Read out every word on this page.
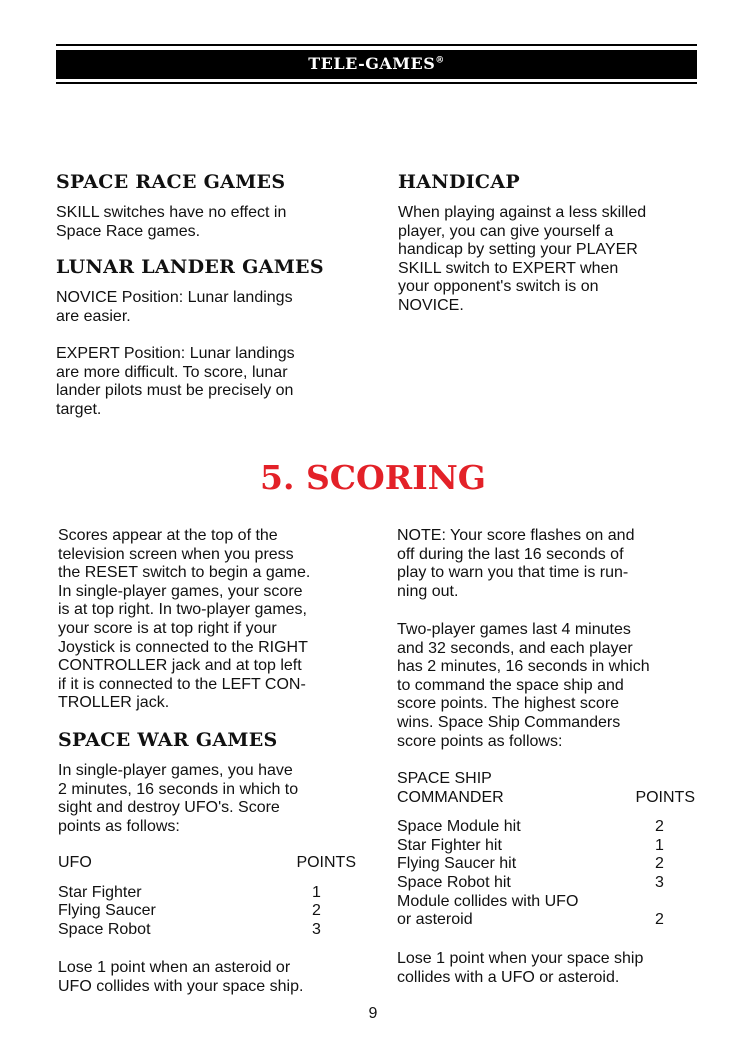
TELE-GAMES®
SPACE RACE GAMES

SKILL switches have no effect in
Space Race games.

LUNAR LANDER GAMES

NOVICE Position: Lunar landings
are easier.

EXPERT Position: Lunar landings
are more difficult. To score, lunar
lander pilots must be precisely on
target.

HANDICAP

When playing against a less skilled
player, you can give yourself a
handicap by setting your PLAYER
SKILL switch to EXPERT when
your opponent's switch is on
NOVICE.

5. SCORING

Scores appear at the top of the
television screen when you press
the RESET switch to begin a game.
In single-player games, your score
is at top right. In two-player games,
your score is at top right if your
Joystick is connected to the RIGHT
CONTROLLER jack and at top left
if it is connected to the LEFT CON-
TROLLER jack.

SPACE WAR GAMES

In single-player games, you have
2 minutes, 16 seconds in which to
sight and destroy UFO's. Score
points as follows:

UFO	POINTS
Star Fighter	1
Flying Saucer	2
Space Robot	3

Lose 1 point when an asteroid or
UFO collides with your space ship.

NOTE: Your score flashes on and
off during the last 16 seconds of
play to warn you that time is run-
ning out.

Two-player games last 4 minutes
and 32 seconds, and each player
has 2 minutes, 16 seconds in which
to command the space ship and
score points. The highest score
wins. Space Ship Commanders
score points as follows:

SPACE SHIP
COMMANDER	POINTS
Space Module hit	2
Star Fighter hit	1
Flying Saucer hit	2
Space Robot hit	3
Module collides with UFO
or asteroid	2

Lose 1 point when your space ship
collides with a UFO or asteroid.

9
